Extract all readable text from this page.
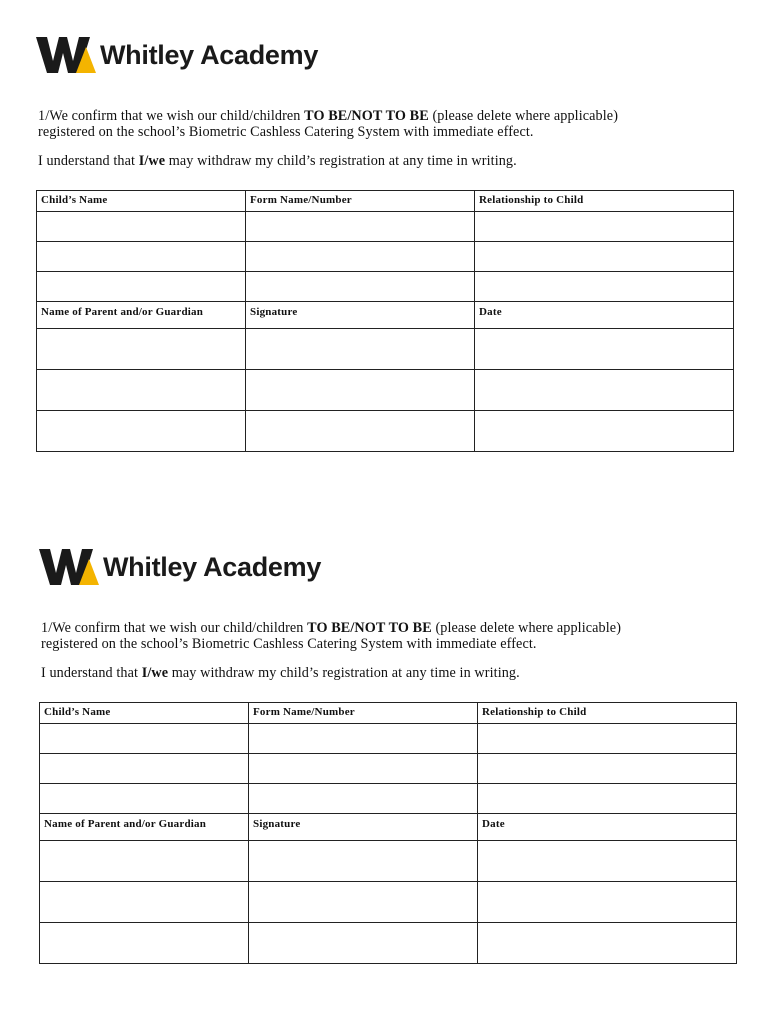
Whitley Academy
1/We confirm that we wish our child/children TO BE/NOT TO BE (please delete where applicable)
registered on the school’s Biometric Cashless Catering System with immediate effect.
I understand that I/we may withdraw my child’s registration at any time in writing.
Child’s Name	Form Name/Number	Relationship to Child

Name of Parent and/or Guardian	Signature	Date

Whitley Academy
1/We confirm that we wish our child/children TO BE/NOT TO BE (please delete where applicable)
registered on the school’s Biometric Cashless Catering System with immediate effect.
I understand that I/we may withdraw my child’s registration at any time in writing.
Child’s Name	Form Name/Number	Relationship to Child

Name of Parent and/or Guardian	Signature	Date
